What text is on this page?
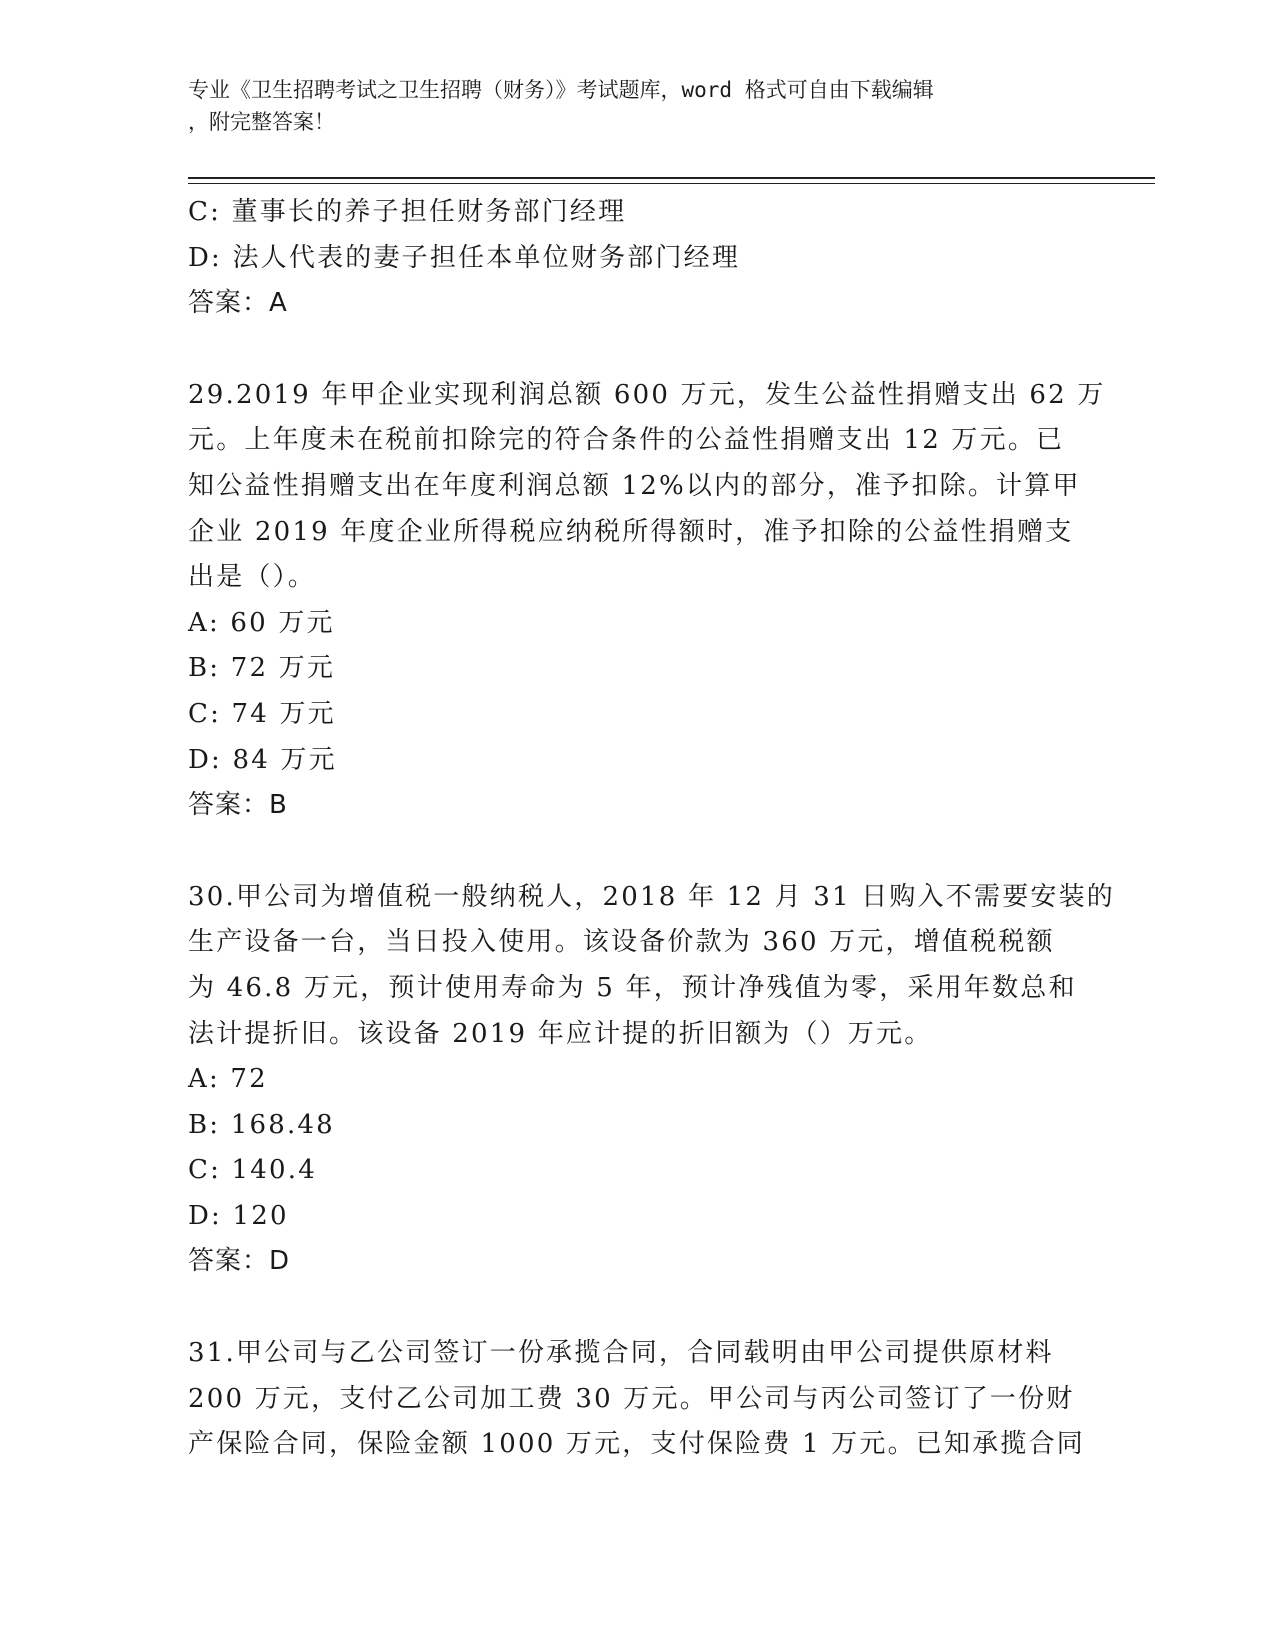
专业《卫生招聘考试之卫生招聘（财务）》考试题库，word 格式可自由下载编辑
，附完整答案！
C: 董事长的养子担任财务部门经理
D: 法人代表的妻子担任本单位财务部门经理
答案：A
29.2019 年甲企业实现利润总额 600 万元，发生公益性捐赠支出 62 万
元。上年度未在税前扣除完的符合条件的公益性捐赠支出 12 万元。已
知公益性捐赠支出在年度利润总额 12%以内的部分，准予扣除。计算甲
企业 2019 年度企业所得税应纳税所得额时，准予扣除的公益性捐赠支
出是（）。
A: 60 万元
B: 72 万元
C: 74 万元
D: 84 万元
答案：B
30.甲公司为增值税一般纳税人，2018 年 12 月 31 日购入不需要安装的
生产设备一台，当日投入使用。该设备价款为 360 万元，增值税税额
为 46.8 万元，预计使用寿命为 5 年，预计净残值为零，采用年数总和
法计提折旧。该设备 2019 年应计提的折旧额为（）万元。
A: 72
B: 168.48
C: 140.4
D: 120
答案：D
31.甲公司与乙公司签订一份承揽合同，合同载明由甲公司提供原材料
200 万元，支付乙公司加工费 30 万元。甲公司与丙公司签订了一份财
产保险合同，保险金额 1000 万元，支付保险费 1 万元。已知承揽合同
